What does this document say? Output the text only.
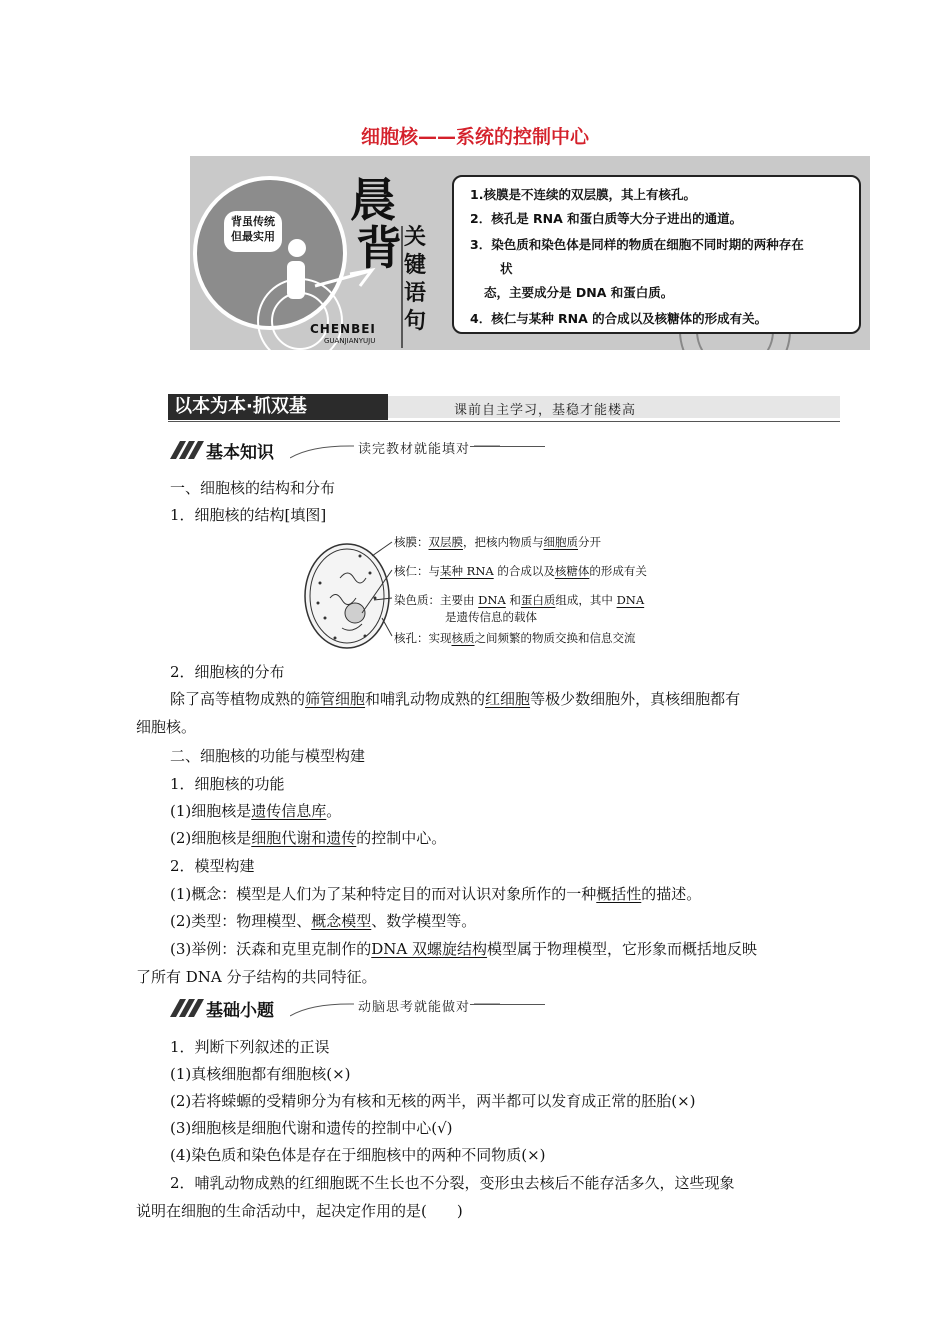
细胞核——系统的控制中心
背虽传统
但最实用
晨
背 关
键
语
句
CHENBEI
GUANJIANYUJU
1.核膜是不连续的双层膜，其上有核孔。
2．核孔是 RNA 和蛋白质等大分子进出的通道。
3．染色质和染色体是同样的物质在细胞不同时期的两种存在
状
态，主要成分是 DNA 和蛋白质。
4．核仁与某种 RNA 的合成以及核糖体的形成有关。
以本为本·抓双基	课前自主学习，基稳才能楼高
基本知识	读完教材就能填对
一、细胞核的结构和分布
1．细胞核的结构[填图]
核膜：双层膜，把核内物质与细胞质分开
核仁：与某种 RNA 的合成以及核糖体的形成有关
染色质：主要由 DNA 和蛋白质组成，其中 DNA
是遗传信息的载体
核孔：实现核质之间频繁的物质交换和信息交流
2．细胞核的分布
除了高等植物成熟的筛管细胞和哺乳动物成熟的红细胞等极少数细胞外，真核细胞都有
细胞核。
二、细胞核的功能与模型构建
1．细胞核的功能
(1)细胞核是遗传信息库。
(2)细胞核是细胞代谢和遗传的控制中心。
2．模型构建
(1)概念：模型是人们为了某种特定目的而对认识对象所作的一种概括性的描述。
(2)类型：物理模型、概念模型、数学模型等。
(3)举例：沃森和克里克制作的DNA 双螺旋结构模型属于物理模型，它形象而概括地反映
了所有 DNA 分子结构的共同特征。
基础小题	动脑思考就能做对
1．判断下列叙述的正误
(1)真核细胞都有细胞核(×)
(2)若将蝾螈的受精卵分为有核和无核的两半，两半都可以发育成正常的胚胎(×)
(3)细胞核是细胞代谢和遗传的控制中心(√)
(4)染色质和染色体是存在于细胞核中的两种不同物质(×)
2．哺乳动物成熟的红细胞既不生长也不分裂，变形虫去核后不能存活多久，这些现象
说明在细胞的生命活动中，起决定作用的是(　　)
